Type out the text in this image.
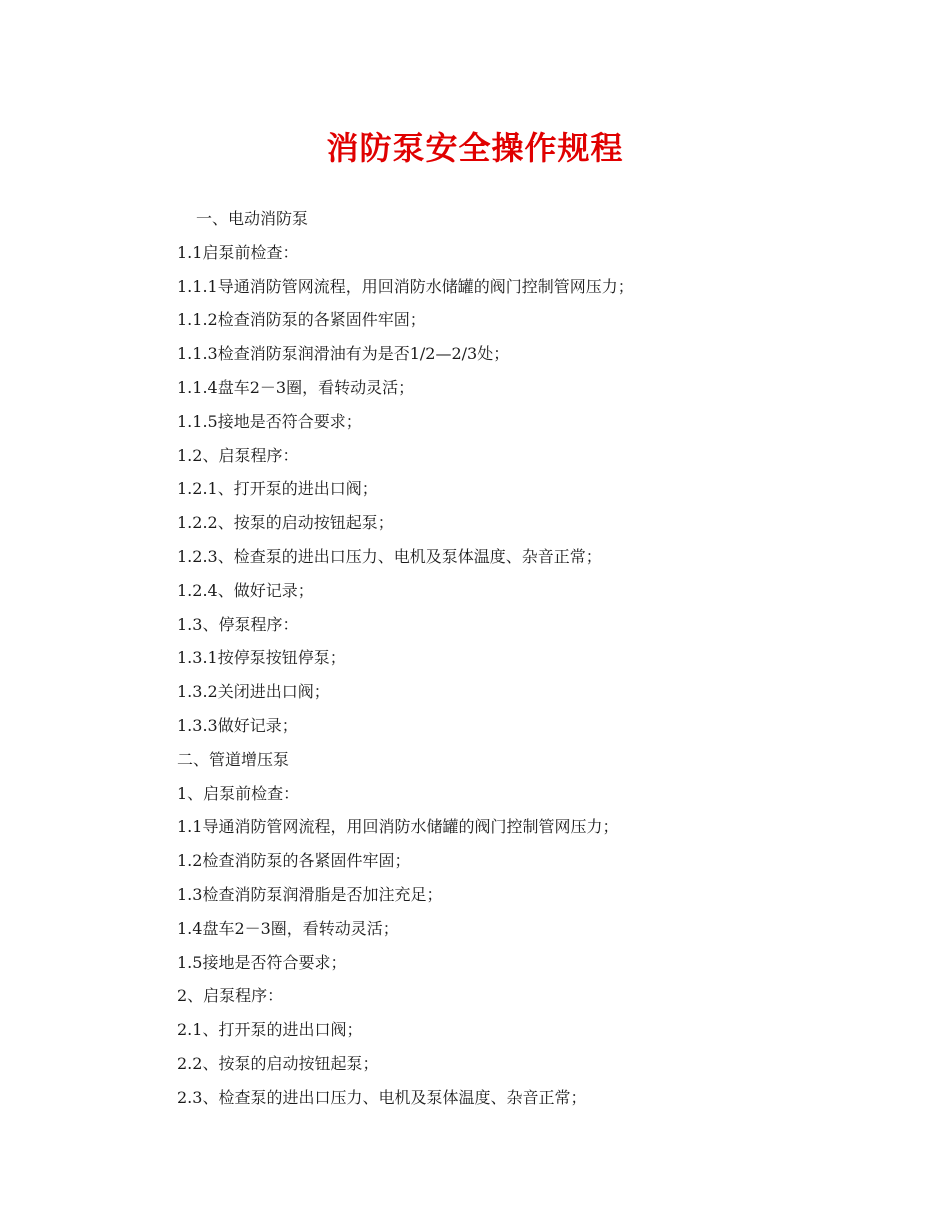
消防泵安全操作规程
一、电动消防泵
1.1启泵前检查：
1.1.1导通消防管网流程，用回消防水储罐的阀门控制管网压力；
1.1.2检查消防泵的各紧固件牢固；
1.1.3检查消防泵润滑油有为是否1/2—2/3处；
1.1.4盘车2－3圈，看转动灵活；
1.1.5接地是否符合要求；
1.2、启泵程序：
1.2.1、打开泵的进出口阀；
1.2.2、按泵的启动按钮起泵；
1.2.3、检查泵的进出口压力、电机及泵体温度、杂音正常；
1.2.4、做好记录；
1.3、停泵程序：
1.3.1按停泵按钮停泵；
1.3.2关闭进出口阀；
1.3.3做好记录；
二、管道增压泵
1、启泵前检查：
1.1导通消防管网流程，用回消防水储罐的阀门控制管网压力；
1.2检查消防泵的各紧固件牢固；
1.3检查消防泵润滑脂是否加注充足；
1.4盘车2－3圈，看转动灵活；
1.5接地是否符合要求；
2、启泵程序：
2.1、打开泵的进出口阀；
2.2、按泵的启动按钮起泵；
2.3、检查泵的进出口压力、电机及泵体温度、杂音正常；
